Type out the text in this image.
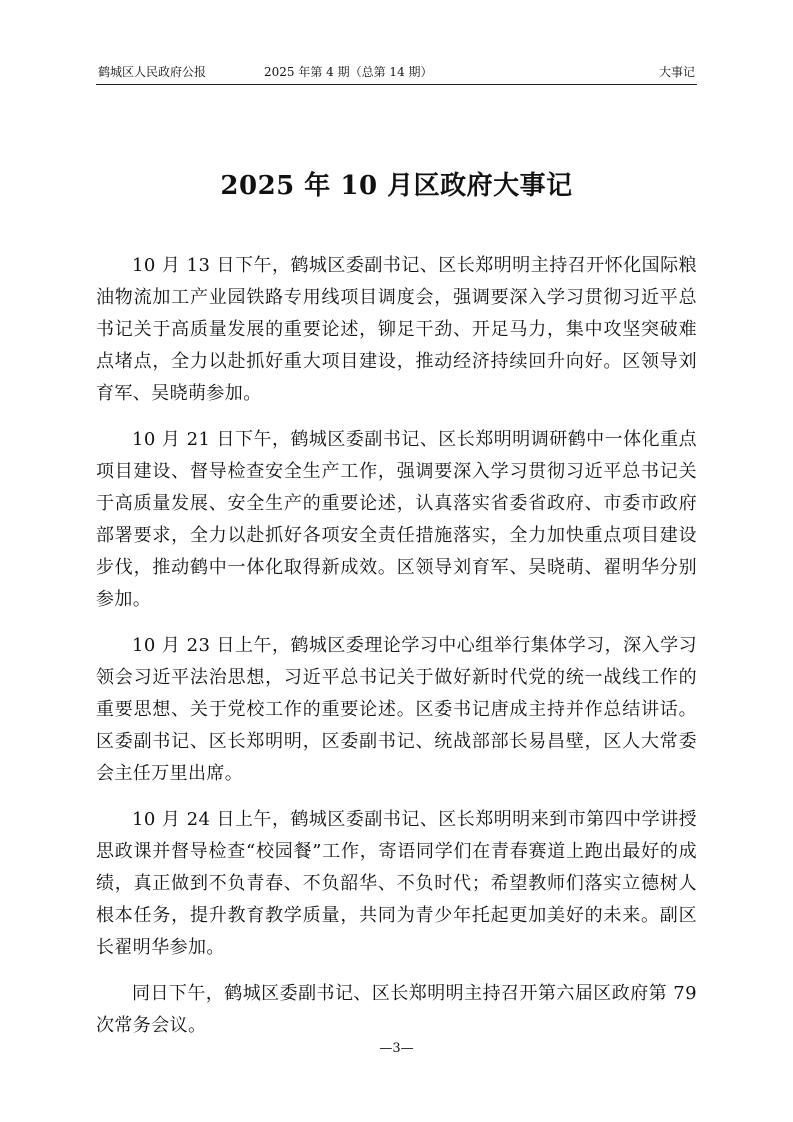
鹤城区人民政府公报	2025 年第 4 期（总第 14 期）	大事记
2025 年 10 月区政府大事记

10 月 13 日下午，鹤城区委副书记、区长郑明明主持召开怀化国际粮油物流加工产业园铁路专用线项目调度会，强调要深入学习贯彻习近平总书记关于高质量发展的重要论述，铆足干劲、开足马力，集中攻坚突破难点堵点，全力以赴抓好重大项目建设，推动经济持续回升向好。区领导刘育军、吴晓萌参加。

10 月 21 日下午，鹤城区委副书记、区长郑明明调研鹤中一体化重点项目建设、督导检查安全生产工作，强调要深入学习贯彻习近平总书记关于高质量发展、安全生产的重要论述，认真落实省委省政府、市委市政府部署要求，全力以赴抓好各项安全责任措施落实，全力加快重点项目建设步伐，推动鹤中一体化取得新成效。区领导刘育军、吴晓萌、翟明华分别参加。

10 月 23 日上午，鹤城区委理论学习中心组举行集体学习，深入学习领会习近平法治思想，习近平总书记关于做好新时代党的统一战线工作的重要思想、关于党校工作的重要论述。区委书记唐成主持并作总结讲话。区委副书记、区长郑明明，区委副书记、统战部部长易昌壁，区人大常委会主任万里出席。

10 月 24 日上午，鹤城区委副书记、区长郑明明来到市第四中学讲授思政课并督导检查“校园餐”工作，寄语同学们在青春赛道上跑出最好的成绩，真正做到不负青春、不负韶华、不负时代；希望教师们落实立德树人根本任务，提升教育教学质量，共同为青少年托起更加美好的未来。副区长翟明华参加。

同日下午，鹤城区委副书记、区长郑明明主持召开第六届区政府第 79 次常务会议。

—3—
